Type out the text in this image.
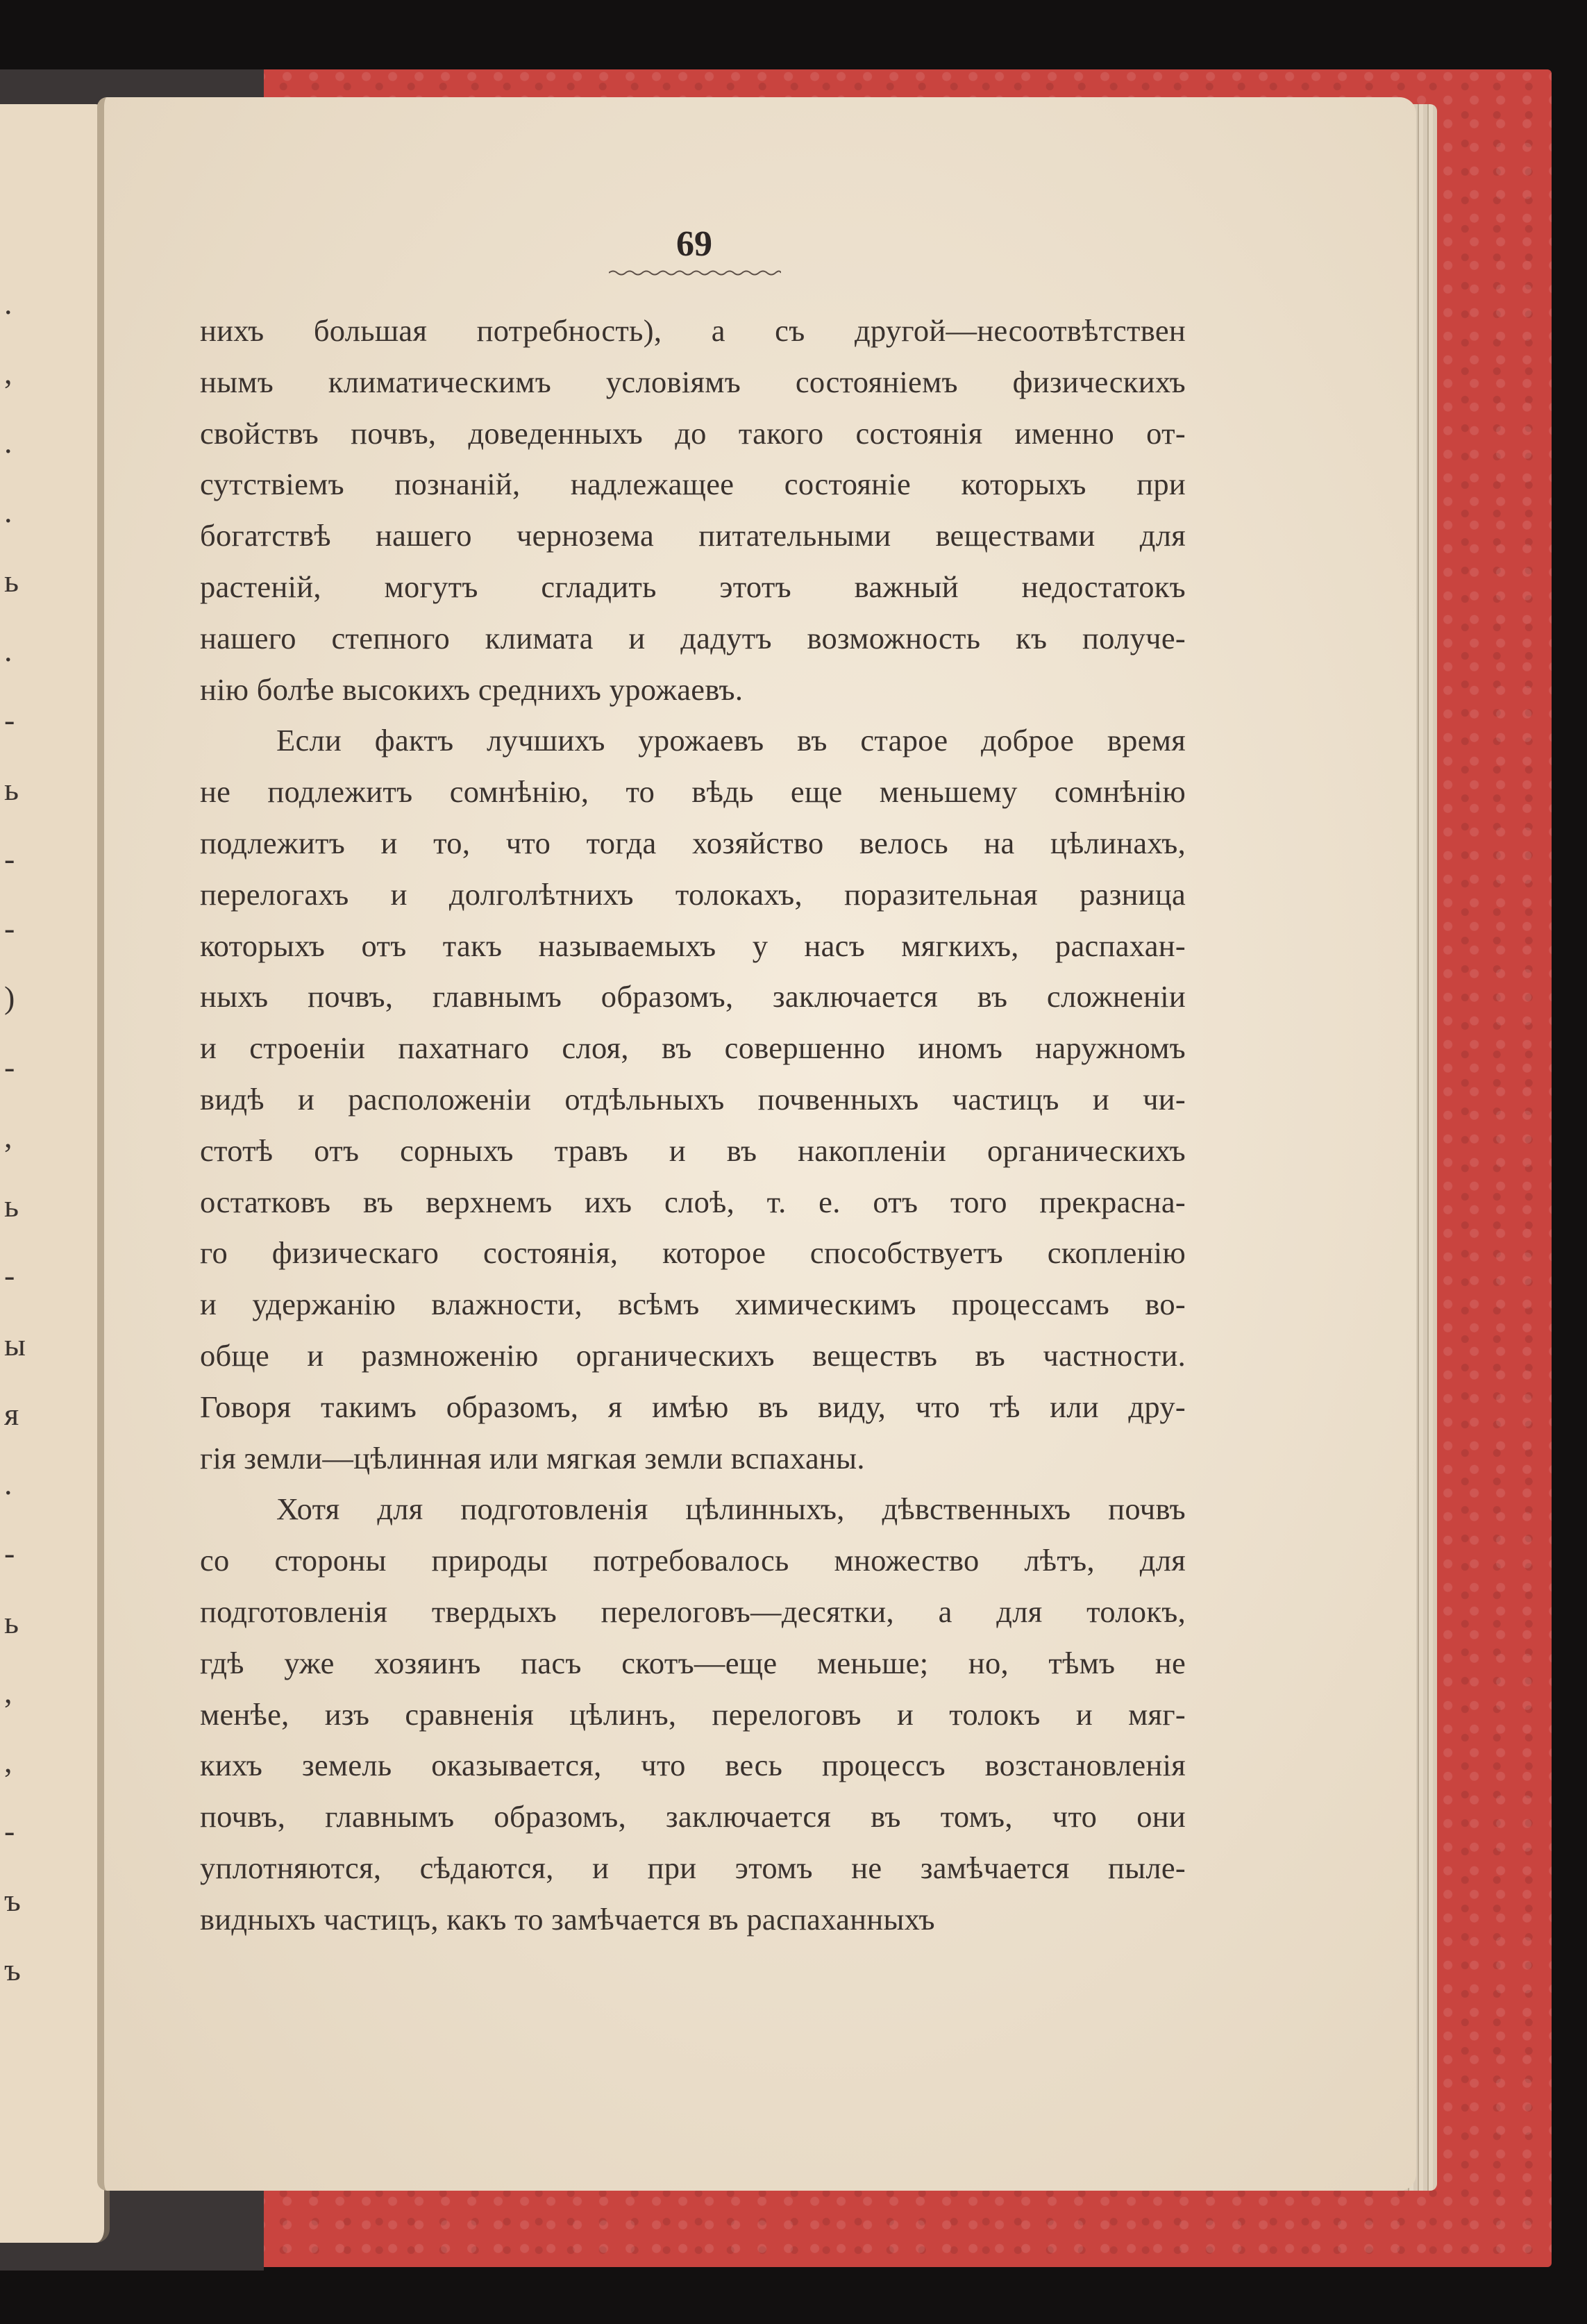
.
,
.
.
ь
.
-
ь
-
-
)
-
,
ь
-
ы
я
.
-
ь
,
,
-
ъ
ъ
69
нихъ большая потребность), а съ другой—несоотвѣтствен
нымъ климатическимъ условiямъ состоянiемъ физическихъ
свойствъ почвъ, доведенныхъ до такого состоянiя именно от-
сутствiемъ познанiй, надлежащее состоянiе которыхъ при
богатствѣ нашего чернозема питательными веществами для
растенiй, могутъ сгладить этотъ важный недостатокъ
нашего степного климата и дадутъ возможность къ получе-
нiю болѣе высокихъ среднихъ урожаевъ.
Если фактъ лучшихъ урожаевъ въ старое доброе время
не подлежитъ сомнѣнiю, то вѣдь еще меньшему сомнѣнiю
подлежитъ и то, что тогда хозяйство велось на цѣлинахъ,
перелогахъ и долголѣтнихъ толокахъ, поразительная разница
которыхъ отъ такъ называемыхъ у насъ мягкихъ, распахан-
ныхъ почвъ, главнымъ образомъ, заключается въ сложненiи
и строенiи пахатнаго слоя, въ совершенно иномъ наружномъ
видѣ и расположенiи отдѣльныхъ почвенныхъ частицъ и чи-
стотѣ отъ сорныхъ травъ и въ накопленiи органическихъ
остатковъ въ верхнемъ ихъ слоѣ, т. е. отъ того прекрасна-
го физическаго состоянiя, которое способствуетъ скопленiю
и удержанiю влажности, всѣмъ химическимъ процессамъ во-
обще и размноженiю органическихъ веществъ въ частности.
Говоря такимъ образомъ, я имѣю въ виду, что тѣ или дру-
гiя земли—цѣлинная или мягкая земли вспаханы.
Хотя для подготовленiя цѣлинныхъ, дѣвственныхъ почвъ
со стороны природы потребовалось множество лѣтъ, для
подготовленiя твердыхъ перелоговъ—десятки, а для толокъ,
гдѣ уже хозяинъ пасъ скотъ—еще меньше; но, тѣмъ не
менѣе, изъ сравненiя цѣлинъ, перелоговъ и толокъ и мяг-
кихъ земель оказывается, что весь процессъ возстановленiя
почвъ, главнымъ образомъ, заключается въ томъ, что они
уплотняются, сѣдаются, и при этомъ не замѣчается пыле-
видныхъ частицъ, какъ то замѣчается въ распаханныхъ
